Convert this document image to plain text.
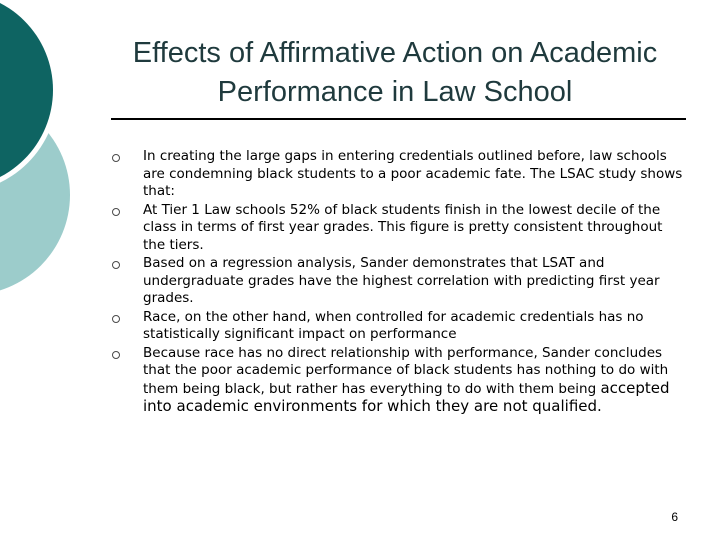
Effects of Affirmative Action on Academic Performance in Law School
In creating the large gaps in entering credentials outlined before, law schools are condemning black students to a poor academic fate. The LSAC study shows that:
At Tier 1 Law schools 52% of black students finish in the lowest decile of the class in terms of first year grades. This figure is pretty consistent throughout the tiers.
Based on a regression analysis, Sander demonstrates that LSAT and undergraduate grades have the highest correlation with predicting first year grades.
Race, on the other hand, when controlled for academic credentials has no statistically significant impact on performance
Because race has no direct relationship with performance, Sander concludes that the poor academic performance of black students has nothing to do with them being black, but rather has everything to do with them being accepted into academic environments for which they are not qualified.
6
